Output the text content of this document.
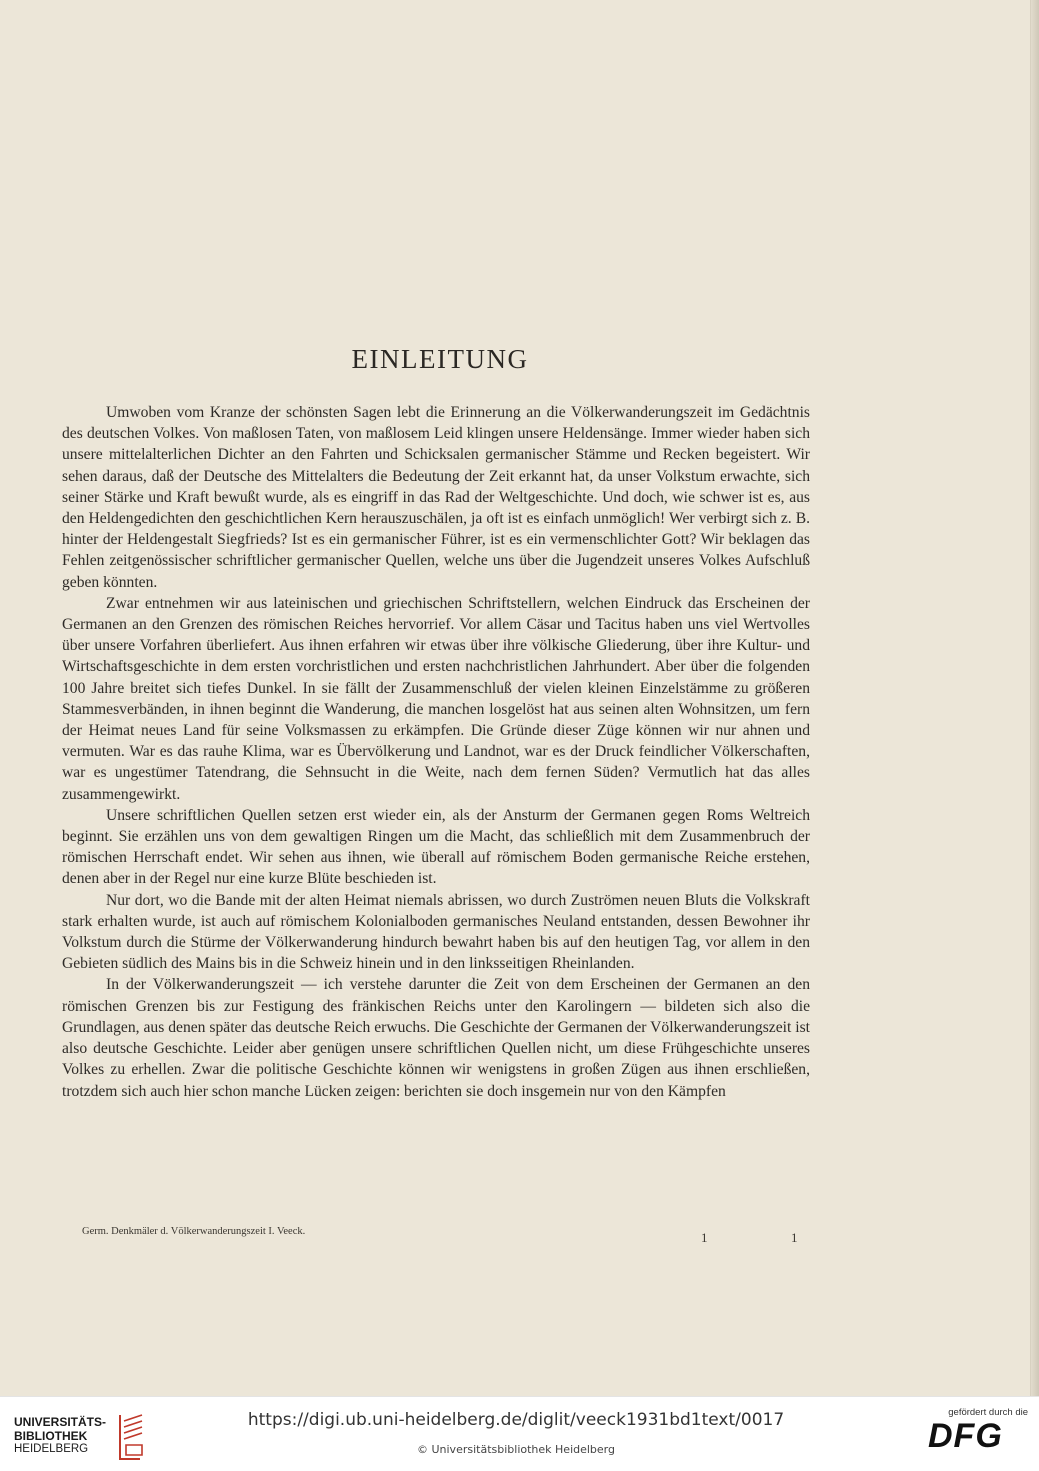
EINLEITUNG

Umwoben vom Kranze der schönsten Sagen lebt die Erinnerung an die Völkerwanderungszeit im Gedächtnis des deutschen Volkes. Von maßlosen Taten, von maßlosem Leid klingen unsere Heldensänge. Immer wieder haben sich unsere mittelalterlichen Dichter an den Fahrten und Schicksalen germanischer Stämme und Recken begeistert. Wir sehen daraus, daß der Deutsche des Mittelalters die Bedeutung der Zeit erkannt hat, da unser Volkstum erwachte, sich seiner Stärke und Kraft bewußt wurde, als es eingriff in das Rad der Weltgeschichte. Und doch, wie schwer ist es, aus den Heldengedichten den geschichtlichen Kern herauszuschälen, ja oft ist es einfach unmöglich! Wer verbirgt sich z. B. hinter der Heldengestalt Siegfrieds? Ist es ein germanischer Führer, ist es ein vermenschlichter Gott? Wir beklagen das Fehlen zeitgenössischer schriftlicher germanischer Quellen, welche uns über die Jugendzeit unseres Volkes Aufschluß geben könnten.

Zwar entnehmen wir aus lateinischen und griechischen Schriftstellern, welchen Eindruck das Erscheinen der Germanen an den Grenzen des römischen Reiches hervorrief. Vor allem Cäsar und Tacitus haben uns viel Wertvolles über unsere Vorfahren überliefert. Aus ihnen erfahren wir etwas über ihre völkische Gliederung, über ihre Kultur- und Wirtschaftsgeschichte in dem ersten vorchristlichen und ersten nachchristlichen Jahrhundert. Aber über die folgenden 100 Jahre breitet sich tiefes Dunkel. In sie fällt der Zusammenschluß der vielen kleinen Einzelstämme zu größeren Stammesverbänden, in ihnen beginnt die Wanderung, die manchen losgelöst hat aus seinen alten Wohnsitzen, um fern der Heimat neues Land für seine Volksmassen zu erkämpfen. Die Gründe dieser Züge können wir nur ahnen und vermuten. War es das rauhe Klima, war es Übervölkerung und Landnot, war es der Druck feindlicher Völkerschaften, war es ungestümer Tatendrang, die Sehnsucht in die Weite, nach dem fernen Süden? Vermutlich hat das alles zusammengewirkt.

Unsere schriftlichen Quellen setzen erst wieder ein, als der Ansturm der Germanen gegen Roms Weltreich beginnt. Sie erzählen uns von dem gewaltigen Ringen um die Macht, das schließlich mit dem Zusammenbruch der römischen Herrschaft endet. Wir sehen aus ihnen, wie überall auf römischem Boden germanische Reiche erstehen, denen aber in der Regel nur eine kurze Blüte beschieden ist.

Nur dort, wo die Bande mit der alten Heimat niemals abrissen, wo durch Zuströmen neuen Bluts die Volkskraft stark erhalten wurde, ist auch auf römischem Kolonialboden germanisches Neuland entstanden, dessen Bewohner ihr Volkstum durch die Stürme der Völkerwanderung hindurch bewahrt haben bis auf den heutigen Tag, vor allem in den Gebieten südlich des Mains bis in die Schweiz hinein und in den linksseitigen Rheinlanden.

In der Völkerwanderungszeit — ich verstehe darunter die Zeit von dem Erscheinen der Germanen an den römischen Grenzen bis zur Festigung des fränkischen Reichs unter den Karolingern — bildeten sich also die Grundlagen, aus denen später das deutsche Reich erwuchs. Die Geschichte der Germanen der Völkerwanderungszeit ist also deutsche Geschichte. Leider aber genügen unsere schriftlichen Quellen nicht, um diese Frühgeschichte unseres Volkes zu erhellen. Zwar die politische Geschichte können wir wenigstens in großen Zügen aus ihnen erschließen, trotzdem sich auch hier schon manche Lücken zeigen: berichten sie doch insgemein nur von den Kämpfen

Germ. Denkmäler d. Völkerwanderungszeit I. Veeck.	1	1
UNIVERSITÄTS-
BIBLIOTHEK
HEIDELBERG
https://digi.ub.uni-heidelberg.de/diglit/veeck1931bd1text/0017
© Universitätsbibliothek Heidelberg
gefördert durch die
DFG
